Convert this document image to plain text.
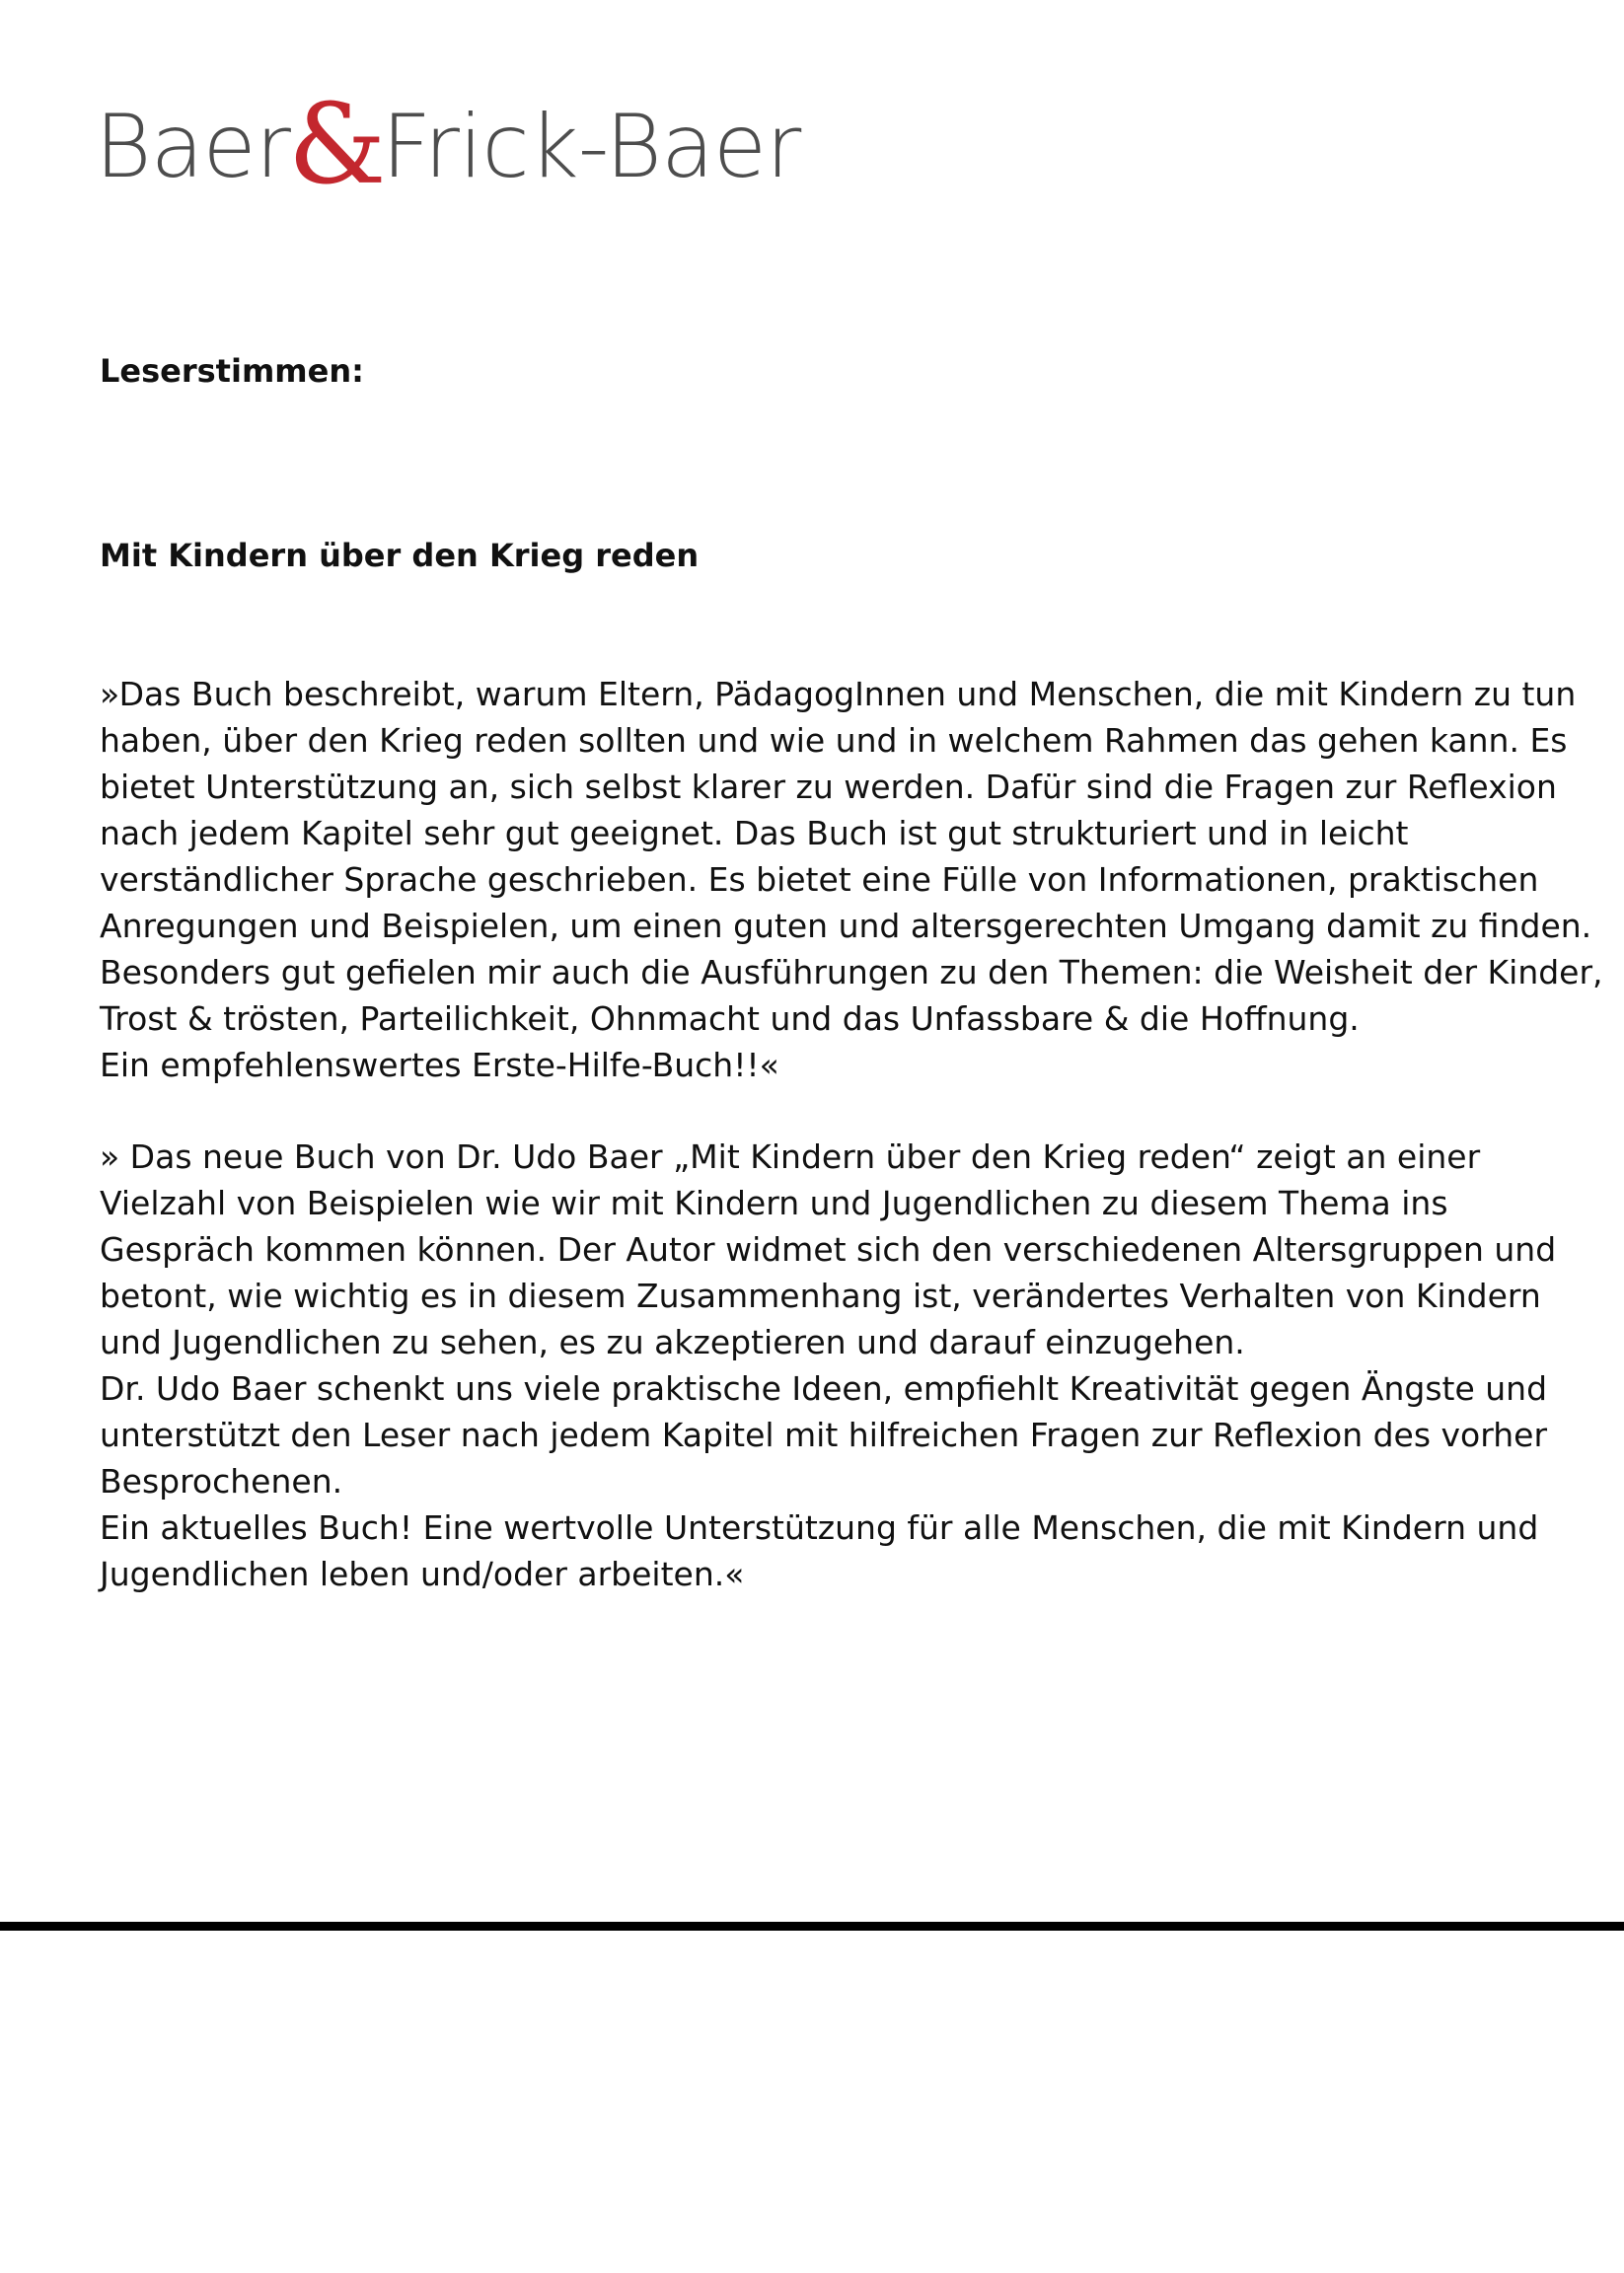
Baer&Frick-Baer
Leserstimmen:
Mit Kindern über den Krieg reden

»Das Buch beschreibt, warum Eltern, PädagogInnen und Menschen, die mit Kindern zu tun

haben, über den Krieg reden sollten und wie und in welchem Rahmen das gehen kann. Es

bietet Unterstützung an, sich selbst klarer zu werden. Dafür sind die Fragen zur Reflexion

nach jedem Kapitel sehr gut geeignet. Das Buch ist gut strukturiert und in leicht

verständlicher Sprache geschrieben. Es bietet eine Fülle von Informationen, praktischen

Anregungen und Beispielen, um einen guten und altersgerechten Umgang damit zu finden.

Besonders gut gefielen mir auch die Ausführungen zu den Themen: die Weisheit der Kinder,

Trost & trösten, Parteilichkeit, Ohnmacht und das Unfassbare & die Hoffnung.

Ein empfehlenswertes Erste-Hilfe-Buch!!«

» Das neue Buch von Dr. Udo Baer „Mit Kindern über den Krieg reden“ zeigt an einer

Vielzahl von Beispielen wie wir mit Kindern und Jugendlichen zu diesem Thema ins

Gespräch kommen können. Der Autor widmet sich den verschiedenen Altersgruppen und

betont, wie wichtig es in diesem Zusammenhang ist, verändertes Verhalten von Kindern

und Jugendlichen zu sehen, es zu akzeptieren und darauf einzugehen.

Dr. Udo Baer schenkt uns viele praktische Ideen, empfiehlt Kreativität gegen Ängste und

unterstützt den Leser nach jedem Kapitel mit hilfreichen Fragen zur Reflexion des vorher

Besprochenen.

Ein aktuelles Buch! Eine wertvolle Unterstützung für alle Menschen, die mit Kindern und

Jugendlichen leben und/oder arbeiten.«
